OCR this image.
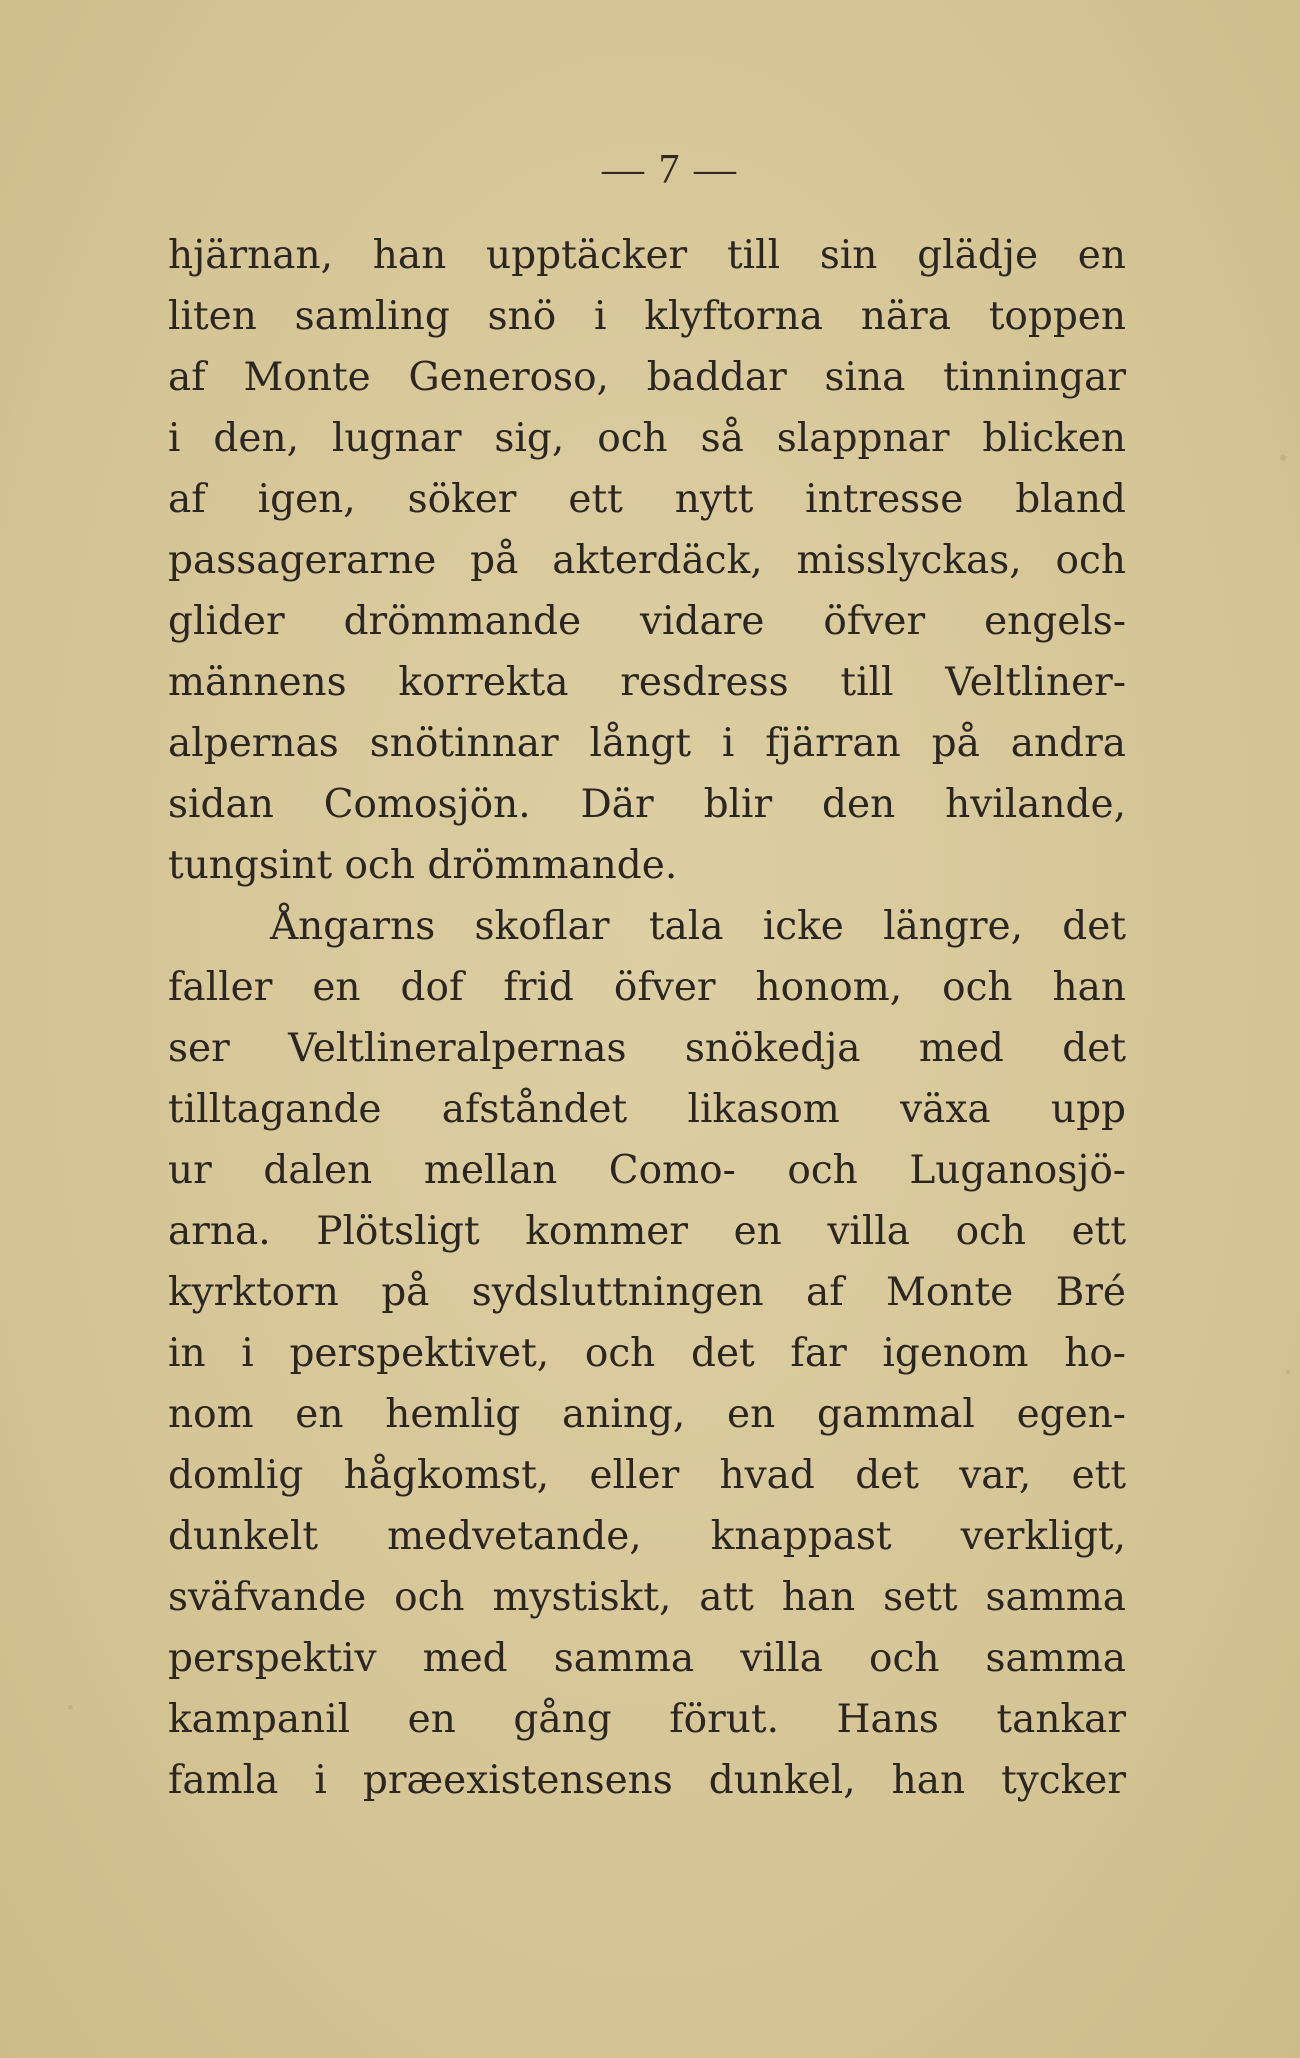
— 7 —
hjärnan, han upptäcker till sin glädje en
liten samling snö i klyftorna nära toppen
af Monte Generoso, baddar sina tinningar
i den, lugnar sig, och så slappnar blicken
af igen, söker ett nytt intresse bland
passagerarne på akterdäck, misslyckas, och
glider drömmande vidare öfver engels-
männens korrekta resdress till Veltliner-
alpernas snötinnar långt i fjärran på andra
sidan Comosjön. Där blir den hvilande,
tungsint och drömmande.
Ångarns skoflar tala icke längre, det
faller en dof frid öfver honom, och han
ser Veltlineralpernas snökedja med det
tilltagande afståndet likasom växa upp
ur dalen mellan Como- och Luganosjö-
arna. Plötsligt kommer en villa och ett
kyrktorn på sydsluttningen af Monte Bré
in i perspektivet, och det far igenom ho-
nom en hemlig aning, en gammal egen-
domlig hågkomst, eller hvad det var, ett
dunkelt medvetande, knappast verkligt,
sväfvande och mystiskt, att han sett samma
perspektiv med samma villa och samma
kampanil en gång förut. Hans tankar
famla i præexistensens dunkel, han tycker
